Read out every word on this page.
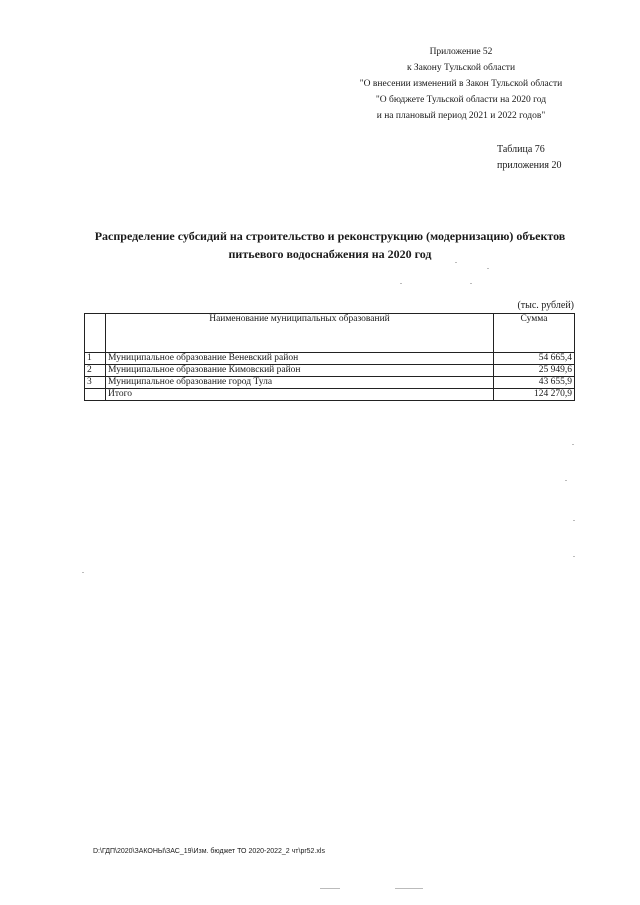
Приложение 52
к Закону Тульской области
"О внесении изменений в Закон Тульской области
"О бюджете Тульской области на 2020 год
и на плановый период 2021 и 2022 годов"
Таблица 76
приложения 20
Распределение субсидий на строительство и реконструкцию (модернизацию) объектов
питьевого водоснабжения на 2020 год
(тыс. рублей)
	Наименование муниципальных образований	Сумма
1	Муниципальное образование Веневский район	54 665,4
2	Муниципальное образование Кимовский район	25 949,6
3	Муниципальное образование город Тула	43 655,9
	Итого	124 270,9
D:\ГДП\2020\ЗАКОНЫ\ЗАС_19\Изм. бюджет ТО 2020-2022_2 чт\pr52.xls
